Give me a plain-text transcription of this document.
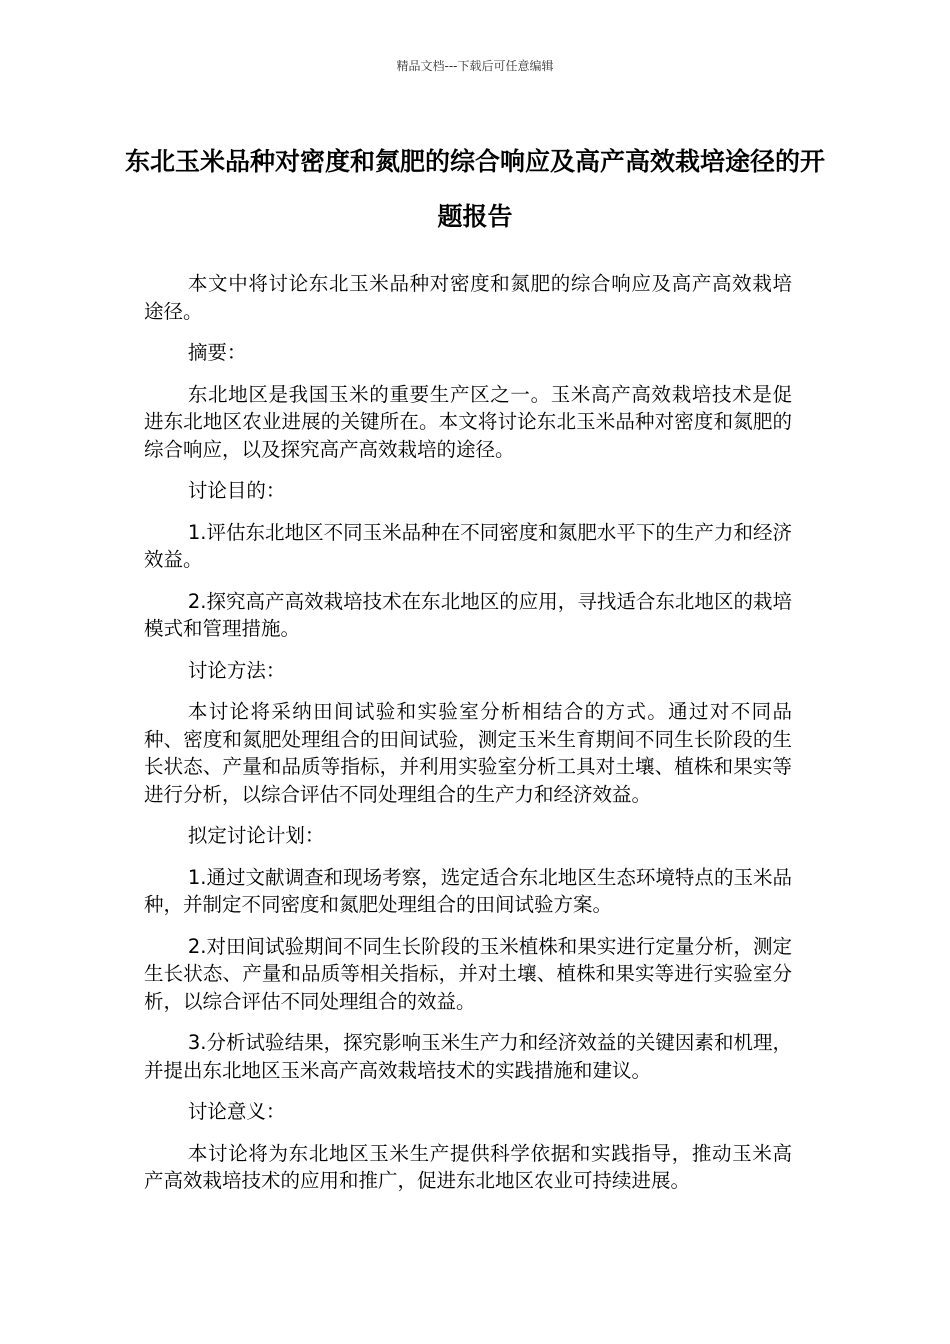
精品文档---下载后可任意编辑
东北玉米品种对密度和氮肥的综合响应及高产高效栽培途径的开题报告

本文中将讨论东北玉米品种对密度和氮肥的综合响应及高产高效栽培途径。

摘要：

东北地区是我国玉米的重要生产区之一。玉米高产高效栽培技术是促进东北地区农业进展的关键所在。本文将讨论东北玉米品种对密度和氮肥的综合响应，以及探究高产高效栽培的途径。

讨论目的：

1.评估东北地区不同玉米品种在不同密度和氮肥水平下的生产力和经济效益。

2.探究高产高效栽培技术在东北地区的应用，寻找适合东北地区的栽培模式和管理措施。

讨论方法：

本讨论将采纳田间试验和实验室分析相结合的方式。通过对不同品种、密度和氮肥处理组合的田间试验，测定玉米生育期间不同生长阶段的生长状态、产量和品质等指标，并利用实验室分析工具对土壤、植株和果实等进行分析，以综合评估不同处理组合的生产力和经济效益。

拟定讨论计划：

1.通过文献调查和现场考察，选定适合东北地区生态环境特点的玉米品种，并制定不同密度和氮肥处理组合的田间试验方案。

2.对田间试验期间不同生长阶段的玉米植株和果实进行定量分析，测定生长状态、产量和品质等相关指标，并对土壤、植株和果实等进行实验室分析，以综合评估不同处理组合的效益。

3.分析试验结果，探究影响玉米生产力和经济效益的关键因素和机理，并提出东北地区玉米高产高效栽培技术的实践措施和建议。

讨论意义：

本讨论将为东北地区玉米生产提供科学依据和实践指导，推动玉米高产高效栽培技术的应用和推广，促进东北地区农业可持续进展。
